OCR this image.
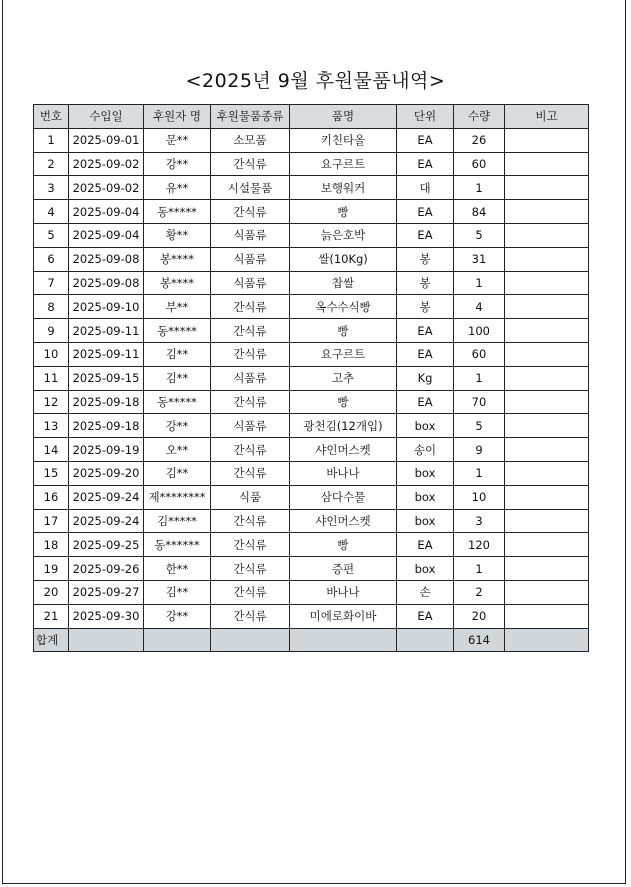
<2025년 9월 후원물품내역>
번호	수입일	후원자 명	후원물품종류	품명	단위	수량	비고
1	2025-09-01	문**	소모품	키친타올	EA	26	
2	2025-09-02	강**	간식류	요구르트	EA	60	
3	2025-09-02	유**	시설물품	보행워커	대	1	
4	2025-09-04	동*****	간식류	빵	EA	84	
5	2025-09-04	황**	식품류	늙은호박	EA	5	
6	2025-09-08	봉****	식품류	쌀(10Kg)	봉	31	
7	2025-09-08	봉****	식품류	찹쌀	봉	1	
8	2025-09-10	부**	간식류	옥수수식빵	봉	4	
9	2025-09-11	동*****	간식류	빵	EA	100	
10	2025-09-11	김**	간식류	요구르트	EA	60	
11	2025-09-15	김**	식품류	고추	Kg	1	
12	2025-09-18	동*****	간식류	빵	EA	70	
13	2025-09-18	강**	식품류	광천김(12개입)	box	5	
14	2025-09-19	오**	간식류	샤인머스켓	송이	9	
15	2025-09-20	김**	간식류	바나나	box	1	
16	2025-09-24	제********	식품	삼다수물	box	10	
17	2025-09-24	김*****	간식류	샤인머스켓	box	3	
18	2025-09-25	동******	간식류	빵	EA	120	
19	2025-09-26	한**	간식류	증편	box	1	
20	2025-09-27	김**	간식류	바나나	손	2	
21	2025-09-30	강**	간식류	미에로화이바	EA	20	
합계						614	
